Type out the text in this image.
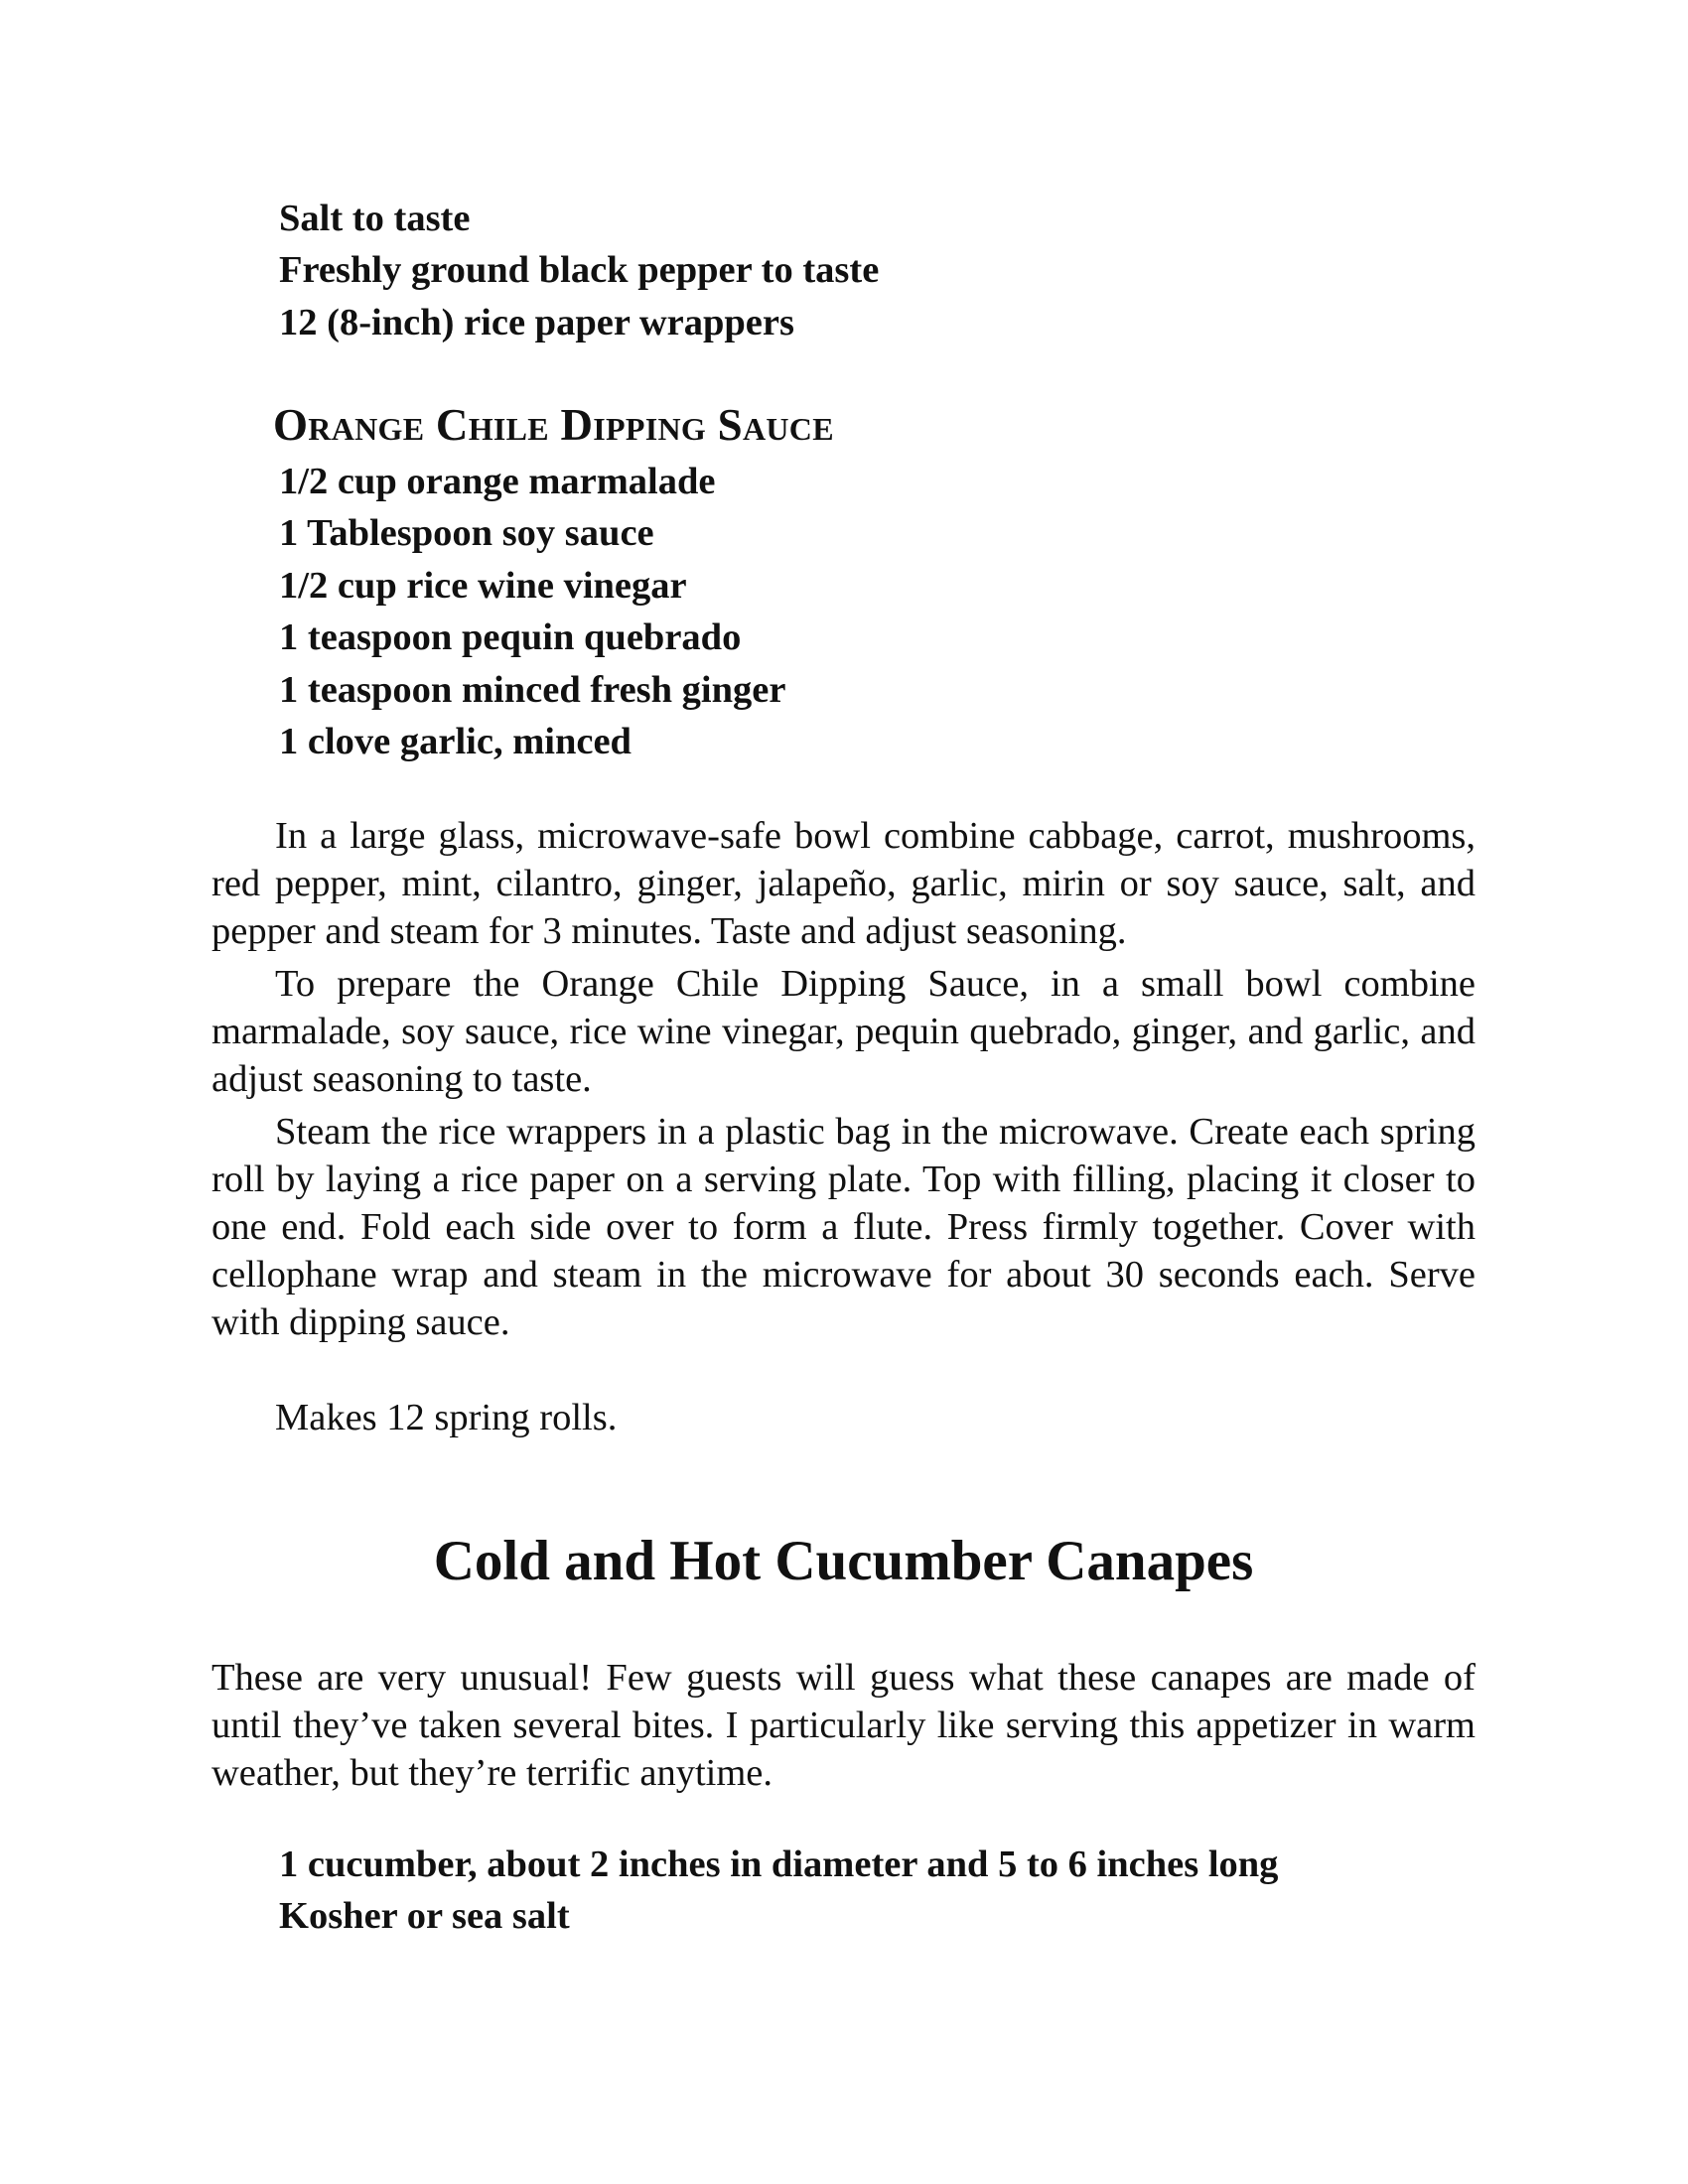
Salt to taste
Freshly ground black pepper to taste
12 (8-inch) rice paper wrappers
Orange Chile Dipping Sauce
1/2 cup orange marmalade
1 Tablespoon soy sauce
1/2 cup rice wine vinegar
1 teaspoon pequin quebrado
1 teaspoon minced fresh ginger
1 clove garlic, minced

In a large glass, microwave-safe bowl combine cabbage, carrot, mushrooms, red pepper, mint, cilantro, ginger, jalapeño, garlic, mirin or soy sauce, salt, and pepper and steam for 3 minutes. Taste and adjust seasoning.

To prepare the Orange Chile Dipping Sauce, in a small bowl combine marmalade, soy sauce, rice wine vinegar, pequin quebrado, ginger, and garlic, and adjust seasoning to taste.

Steam the rice wrappers in a plastic bag in the microwave. Create each spring roll by laying a rice paper on a serving plate. Top with filling, placing it closer to one end. Fold each side over to form a flute. Press firmly together. Cover with cellophane wrap and steam in the microwave for about 30 seconds each. Serve with dipping sauce.

Makes 12 spring rolls.
Cold and Hot Cucumber Canapes

These are very unusual! Few guests will guess what these canapes are made of until they’ve taken several bites. I particularly like serving this appetizer in warm weather, but they’re terrific anytime.

1 cucumber, about 2 inches in diameter and 5 to 6 inches long
Kosher or sea salt
